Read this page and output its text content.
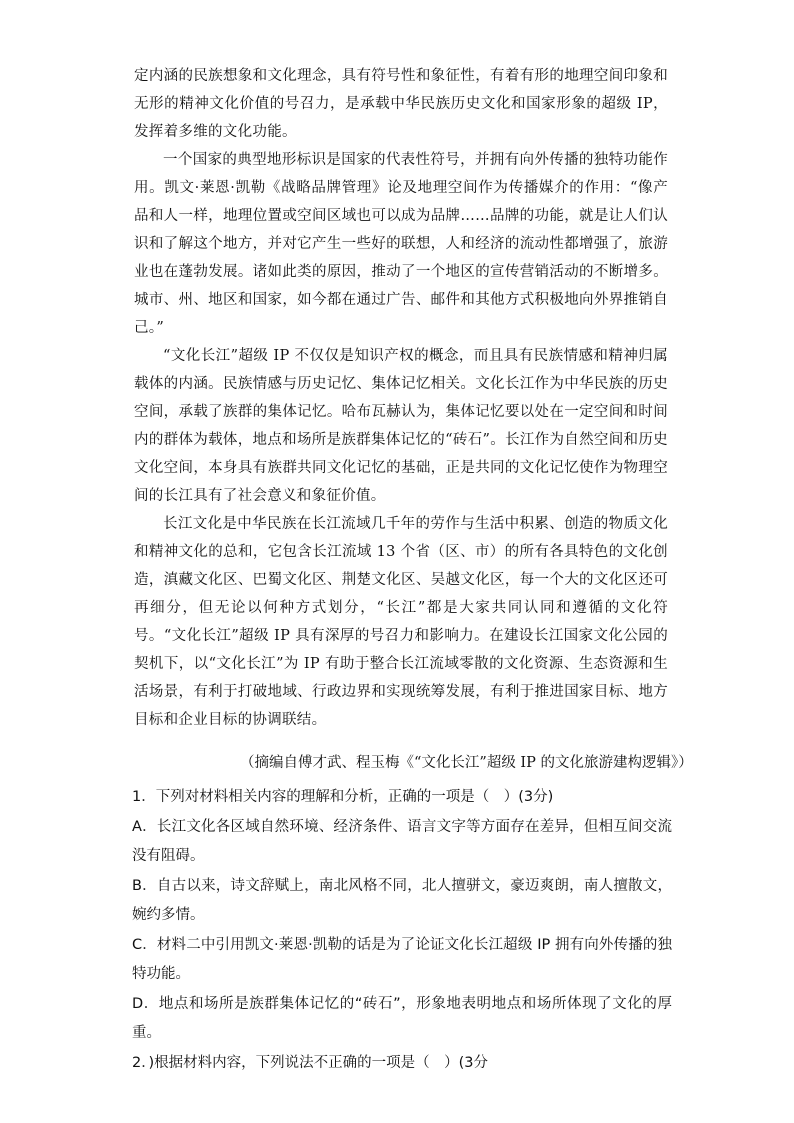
定内涵的民族想象和文化理念，具有符号性和象征性，有着有形的地理空间印象和无形的精神文化价值的号召力，是承载中华民族历史文化和国家形象的超级 IP，发挥着多维的文化功能。

一个国家的典型地形标识是国家的代表性符号，并拥有向外传播的独特功能作用。凯文·莱恩·凯勒《战略品牌管理》论及地理空间作为传播媒介的作用：“像产品和人一样，地理位置或空间区域也可以成为品牌……品牌的功能，就是让人们认识和了解这个地方，并对它产生一些好的联想，人和经济的流动性都增强了，旅游业也在蓬勃发展。诸如此类的原因，推动了一个地区的宣传营销活动的不断增多。城市、州、地区和国家，如今都在通过广告、邮件和其他方式积极地向外界推销自己。”

“文化长江”超级 IP 不仅仅是知识产权的概念，而且具有民族情感和精神归属载体的内涵。民族情感与历史记忆、集体记忆相关。文化长江作为中华民族的历史空间，承载了族群的集体记忆。哈布瓦赫认为，集体记忆要以处在一定空间和时间内的群体为载体，地点和场所是族群集体记忆的“砖石”。长江作为自然空间和历史文化空间，本身具有族群共同文化记忆的基础，正是共同的文化记忆使作为物理空间的长江具有了社会意义和象征价值。

长江文化是中华民族在长江流域几千年的劳作与生活中积累、创造的物质文化和精神文化的总和，它包含长江流域 13 个省（区、市）的所有各具特色的文化创造，滇藏文化区、巴蜀文化区、荆楚文化区、吴越文化区，每一个大的文化区还可再细分，但无论以何种方式划分，“长江”都是大家共同认同和遵循的文化符号。“文化长江”超级 IP 具有深厚的号召力和影响力。在建设长江国家文化公园的契机下，以“文化长江”为 IP 有助于整合长江流域零散的文化资源、生态资源和生活场景，有利于打破地域、行政边界和实现统筹发展，有利于推进国家目标、地方目标和企业目标的协调联结。

（摘编自傅才武、程玉梅《“文化长江”超级 IP 的文化旅游建构逻辑》）

1．下列对材料相关内容的理解和分析，正确的一项是（　）(3分)

A．长江文化各区域自然环境、经济条件、语言文字等方面存在差异，但相互间交流没有阻碍。

B．自古以来，诗文辞赋上，南北风格不同，北人擅骈文，豪迈爽朗，南人擅散文，婉约多情。

C．材料二中引用凯文·莱恩·凯勒的话是为了论证文化长江超级 IP 拥有向外传播的独特功能。

D．地点和场所是族群集体记忆的“砖石”，形象地表明地点和场所体现了文化的厚重。

2．)根据材料内容，下列说法不正确的一项是（　）(3分
